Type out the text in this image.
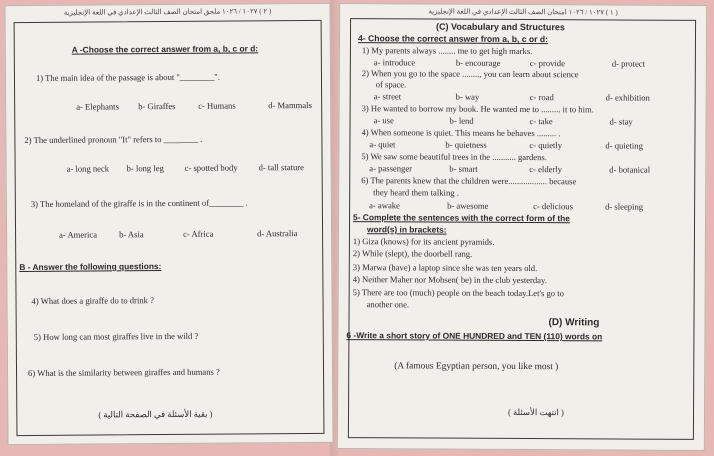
( ٢ ) ١٠٢٧ / ١٠٢٦ ملحق امتحان الصف الثالث الإعدادي في اللغة الإنجليزية
A -Choose the correct answer from a, b, c or d:
1) The main idea of the passage is about "________".
a- Elephants b- Giraffes	c- Humans	d- Mammals
2) The underlined pronoun "It" refers to ________ .
a- long neck b- long leg c- spotted body d- tall stature
3) The homeland of the giraffe is in the continent of________ .
a- America	b- Asia	c- Africa	d- Australia
B - Answer the following questions:
4) What does a giraffe do to drink ?
5) How long can most giraffes live in the wild ?
6) What is the similarity between giraffes and humans ?
( بقية الأسئلة في الصفحة التالية )
( ١ ) ١٠٢٧ / ١٠٢٦ امتحان الصف الثالث الإعدادي في اللغة الإنجليزية
(C) Vocabulary and Structures
4- Choose the correct answer from a, b, c or d:
1) My parents always ........ me to get high marks.
a- introduce	b- encourage	c- provide	d- protect
2) When you go to the space ........, you can learn about science
of space.
a- street	b- way	c- road	d- exhibition
3) He wanted to borrow my book. He wanted me to ......... it to him.
a- use	b- lend	c- take	d- stay
4) When someone is quiet. This means he behaves ......... .
a- quiet	b- quietness	c- quietly	d- quieting
5) We saw some beautiful trees in the ........... gardens.
a- passenger	b- smart	c- elderly	d- botanical
6) The parents knew that the children were.................. because
they heard them talking .
a- awake	b- awesome	c- delicious	d- sleeping
5- Complete the sentences with the correct form of the
word(s) in brackets:
1) Giza (knows) for its ancient pyramids.
2) While (slept), the doorbell rang.
3) Marwa (have) a laptop since she was ten years old.
4) Neither Maher nor Mohsen( be) in the club yesterday.
5) There are too (much) people on the beach today.Let's go to
another one.
(D) Writing
6 -Write a short story of ONE HUNDRED and TEN (110) words on
(A famous Egyptian person, you like most )
( انتهت الأسئلة )
